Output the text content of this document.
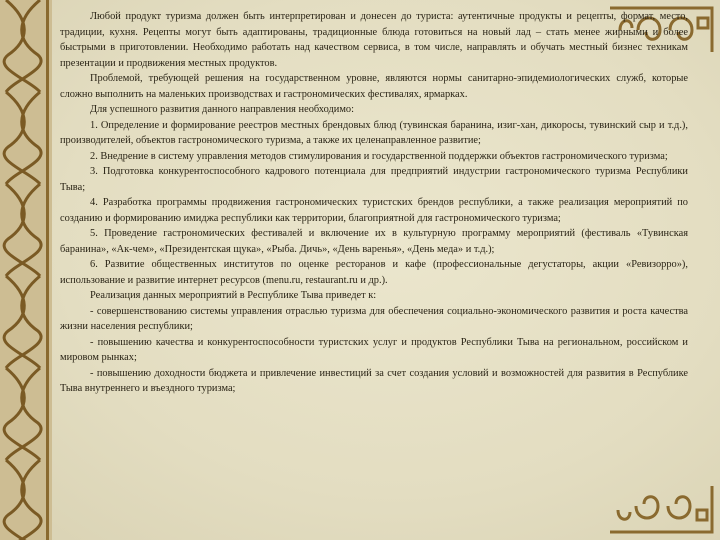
Любой продукт туризма должен быть интерпретирован и донесен до туриста: аутентичные продукты и рецепты, формат, место, традиции, кухня. Рецепты могут быть адаптированы, традиционные блюда готовиться на новый лад – стать менее жирными и более быстрыми в приготовлении. Необходимо работать над качеством сервиса, в том числе, направлять и обучать местный бизнес техникам презентации и продвижения местных продуктов.

Проблемой, требующей решения на государственном уровне, являются нормы санитарно-эпидемиологических служб, которые сложно выполнить на маленьких производствах и гастрономических фестивалях, ярмарках.

Для успешного развития данного направления необходимо:

1. Определение и формирование реестров местных брендовых блюд (тувинская баранина, изиг-хан, дикоросы, тувинский сыр и т.д.), производителей, объектов гастрономического туризма, а также их целенаправленное развитие;

2. Внедрение в систему управления методов стимулирования и государственной поддержки объектов гастрономического туризма;

3. Подготовка конкурентоспособного кадрового потенциала для предприятий индустрии гастрономического туризма Республики Тыва;

4. Разработка программы продвижения гастрономических туристских брендов республики, а также реализация мероприятий по созданию и формированию имиджа республики как территории, благоприятной для гастрономического туризма;

5. Проведение гастрономических фестивалей и включение их в культурную программу мероприятий (фестиваль «Тувинская баранина», «Ак-чем», «Президентская щука», «Рыба. Дичь», «День варенья», «День меда» и т.д.);

6. Развитие общественных институтов по оценке ресторанов и кафе (профессиональные дегустаторы, акции «Ревизорро»), использование и развитие интернет ресурсов (menu.ru, restaurant.ru и др.).

Реализация данных мероприятий в Республике Тыва приведет к:

- совершенствованию системы управления отраслью туризма для обеспечения социально-экономического развития и роста качества жизни населения республики;

- повышению качества и конкурентоспособности туристских услуг и продуктов Республики Тыва на региональном, российском и мировом рынках;

- повышению доходности бюджета и привлечение инвестиций за счет создания условий и возможностей для развития в Республике Тыва внутреннего и въездного туризма;
